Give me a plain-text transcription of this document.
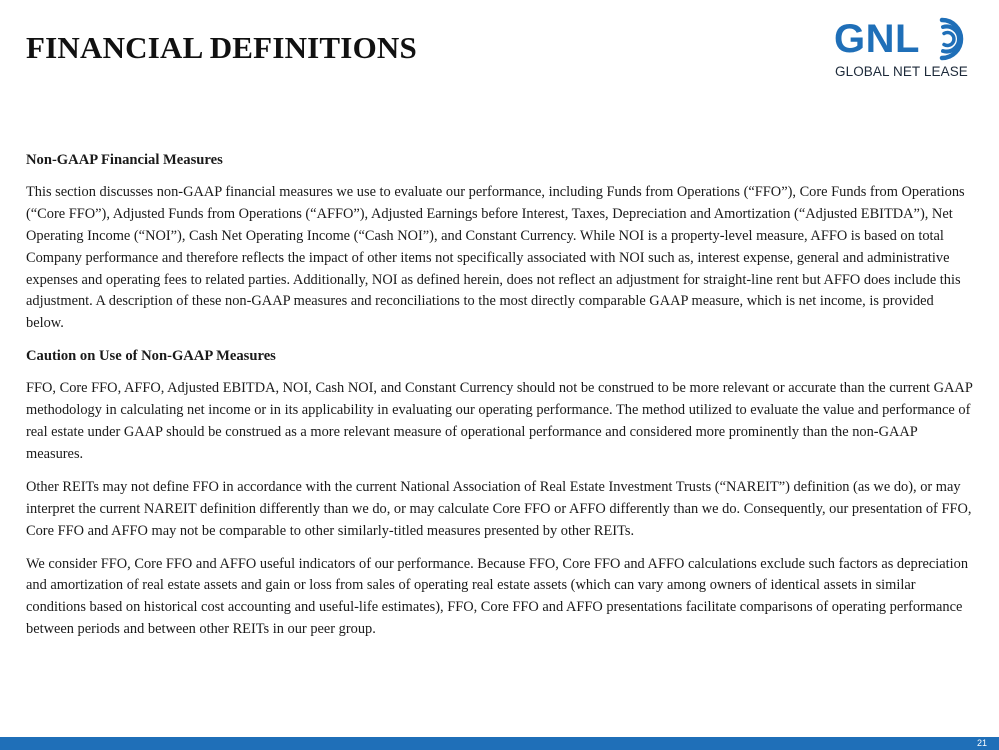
FINANCIAL DEFINITIONS	GNL
GLOBAL NET LEASE
Non-GAAP Financial Measures

This section discusses non-GAAP financial measures we use to evaluate our performance, including Funds from Operations (“FFO”), Core Funds from Operations (“Core FFO”), Adjusted Funds from Operations (“AFFO”), Adjusted Earnings before Interest, Taxes, Depreciation and Amortization (“Adjusted EBITDA”), Net Operating Income (“NOI”), Cash Net Operating Income (“Cash NOI”), and Constant Currency. While NOI is a property-level measure, AFFO is based on total Company performance and therefore reflects the impact of other items not specifically associated with NOI such as, interest expense, general and administrative expenses and operating fees to related parties. Additionally, NOI as defined herein, does not reflect an adjustment for straight-line rent but AFFO does include this adjustment. A description of these non-GAAP measures and reconciliations to the most directly comparable GAAP measure, which is net income, is provided below.

Caution on Use of Non-GAAP Measures

FFO, Core FFO, AFFO, Adjusted EBITDA, NOI, Cash NOI, and Constant Currency should not be construed to be more relevant or accurate than the current GAAP methodology in calculating net income or in its applicability in evaluating our operating performance. The method utilized to evaluate the value and performance of real estate under GAAP should be construed as a more relevant measure of operational performance and considered more prominently than the non-GAAP measures.

Other REITs may not define FFO in accordance with the current National Association of Real Estate Investment Trusts (“NAREIT”) definition (as we do), or may interpret the current NAREIT definition differently than we do, or may calculate Core FFO or AFFO differently than we do. Consequently, our presentation of FFO, Core FFO and AFFO may not be comparable to other similarly-titled measures presented by other REITs.

We consider FFO, Core FFO and AFFO useful indicators of our performance. Because FFO, Core FFO and AFFO calculations exclude such factors as depreciation and amortization of real estate assets and gain or loss from sales of operating real estate assets (which can vary among owners of identical assets in similar conditions based on historical cost accounting and useful-life estimates), FFO, Core FFO and AFFO presentations facilitate comparisons of operating performance between periods and between other REITs in our peer group.

21
